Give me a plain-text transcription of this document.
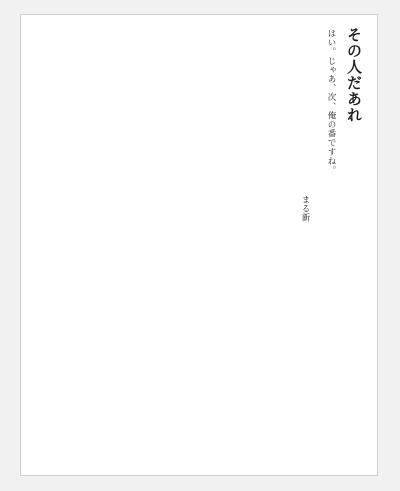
その人だあれ
はい。じゃあ、次、俺の番ですね。
まる新
